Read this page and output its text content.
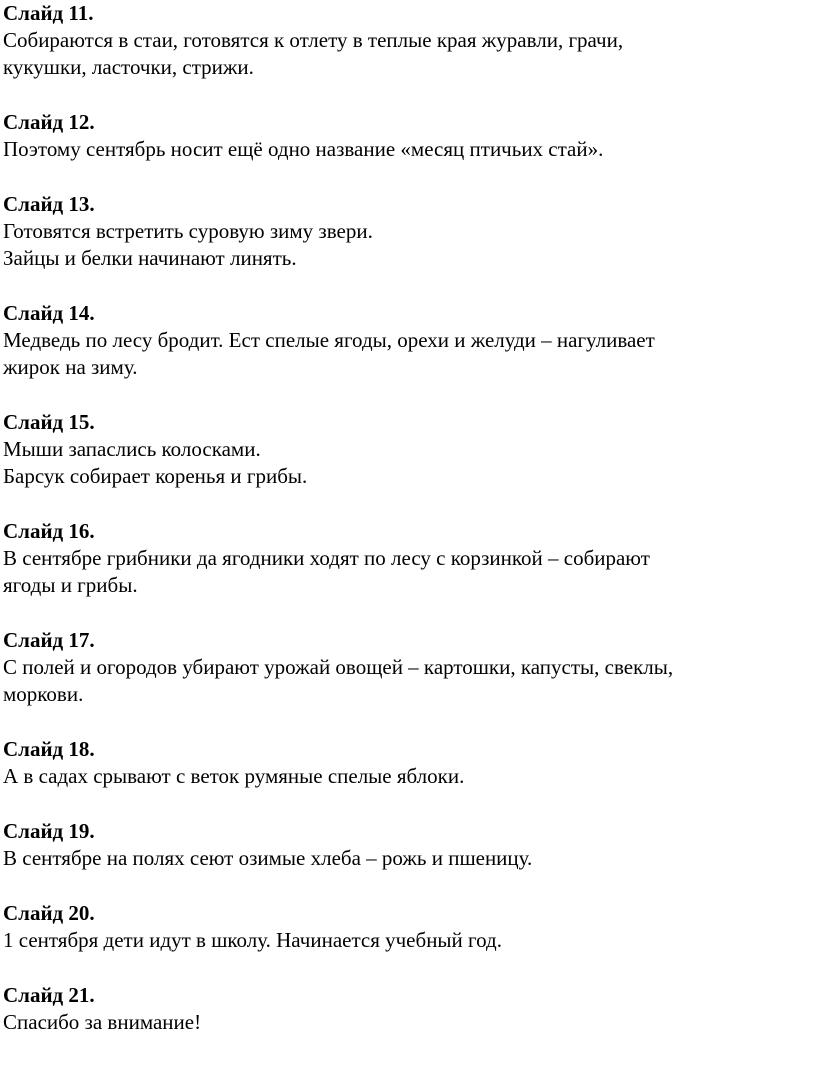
Слайд 11.
Собираются в стаи, готовятся к отлету в теплые края журавли, грачи,
кукушки, ласточки, стрижи.
Слайд 12.
Поэтому сентябрь носит ещё одно название «месяц птичьих стай».
Слайд 13.
Готовятся встретить суровую зиму звери.
Зайцы и белки начинают линять.
Слайд 14.
Медведь по лесу бродит. Ест спелые ягоды, орехи и желуди – нагуливает
жирок на зиму.
Слайд 15.
Мыши запаслись колосками.
Барсук собирает коренья и грибы.
Слайд 16.
В сентябре грибники да ягодники ходят по лесу с корзинкой – собирают
ягоды и грибы.
Слайд 17.
С полей и огородов убирают урожай овощей – картошки, капусты, свеклы,
моркови.
Слайд 18.
А в садах срывают с веток румяные спелые яблоки.
Слайд 19.
В сентябре на полях сеют озимые хлеба – рожь и пшеницу.
Слайд 20.
1 сентября дети идут в школу. Начинается учебный год.
Слайд 21.
Спасибо за внимание!
